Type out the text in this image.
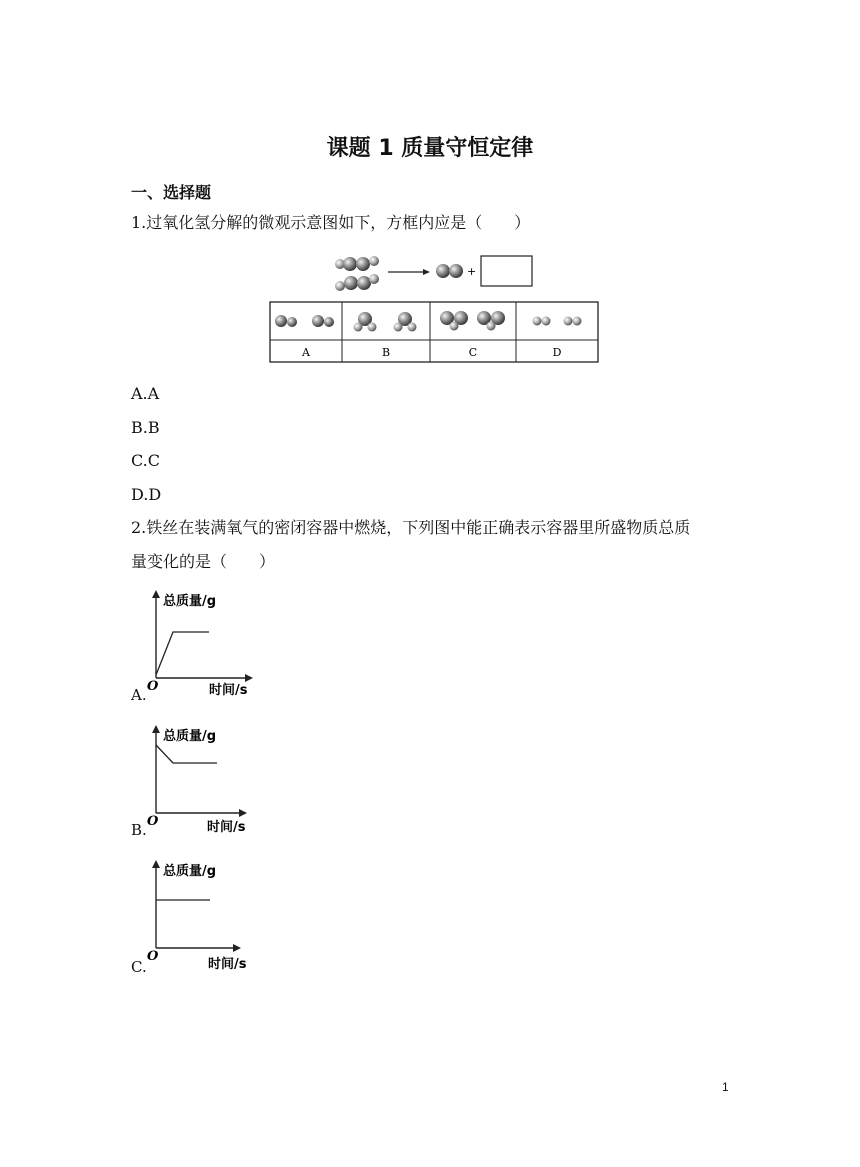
课题 1 质量守恒定律
一、选择题
1.过氧化氢分解的微观示意图如下，方框内应是（　　）
+
A	B	C	D
A.A
B.B
C.C
D.D
2.铁丝在装满氧气的密闭容器中燃烧，下列图中能正确表示容器里所盛物质总质
量变化的是（　　）
总质量/g
O	时间/s
A.
总质量/g
O	时间/s
B.
总质量/g
O
时间/s
C.
1
